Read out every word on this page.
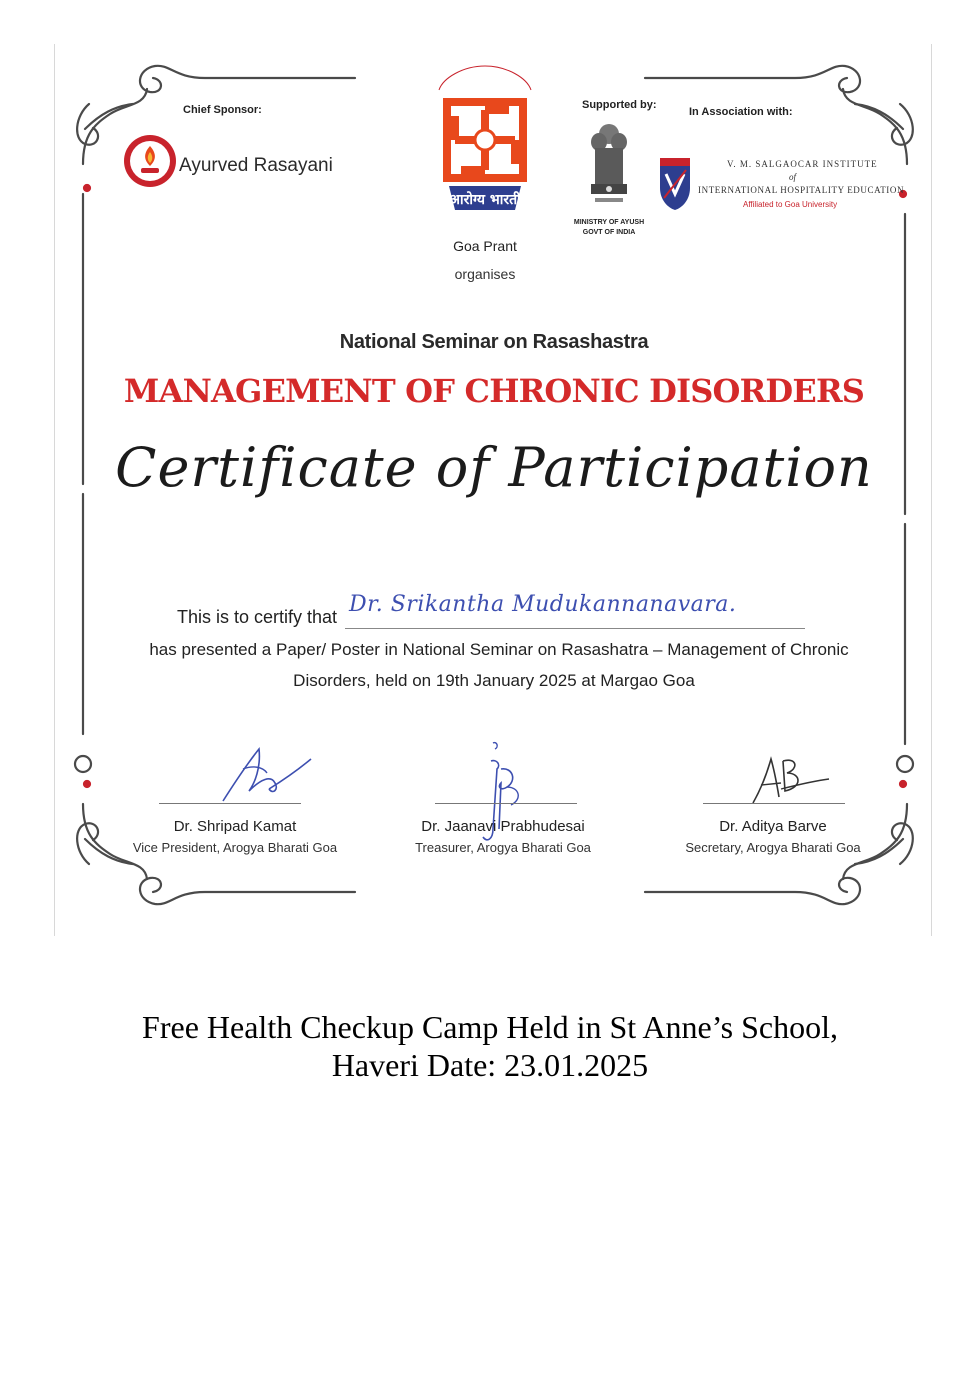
Chief Sponsor:
Ayurved Rasayani
आरोग्य भारती
Goa Prant
organises
Supported by:
MINISTRY OF AYUSH
GOVT OF INDIA
In Association with:
V. M. SALGAOCAR INSTITUTE
of
INTERNATIONAL HOSPITALITY EDUCATION
Affiliated to Goa University
National Seminar on Rasashastra
MANAGEMENT OF CHRONIC DISORDERS
Certificate of Participation
This is to certify that Dr. Srikantha Mudukannanavara.
has presented a Paper/ Poster in National Seminar on Rasashatra – Management of Chronic
Disorders, held on 19th January 2025 at Margao Goa
Dr. Shripad Kamat
Vice President, Arogya Bharati Goa
Dr. Jaanavi Prabhudesai
Treasurer, Arogya Bharati Goa
Dr. Aditya Barve
Secretary, Arogya Bharati Goa
Free Health Checkup Camp Held in St Anne’s School,
Haveri Date: 23.01.2025
